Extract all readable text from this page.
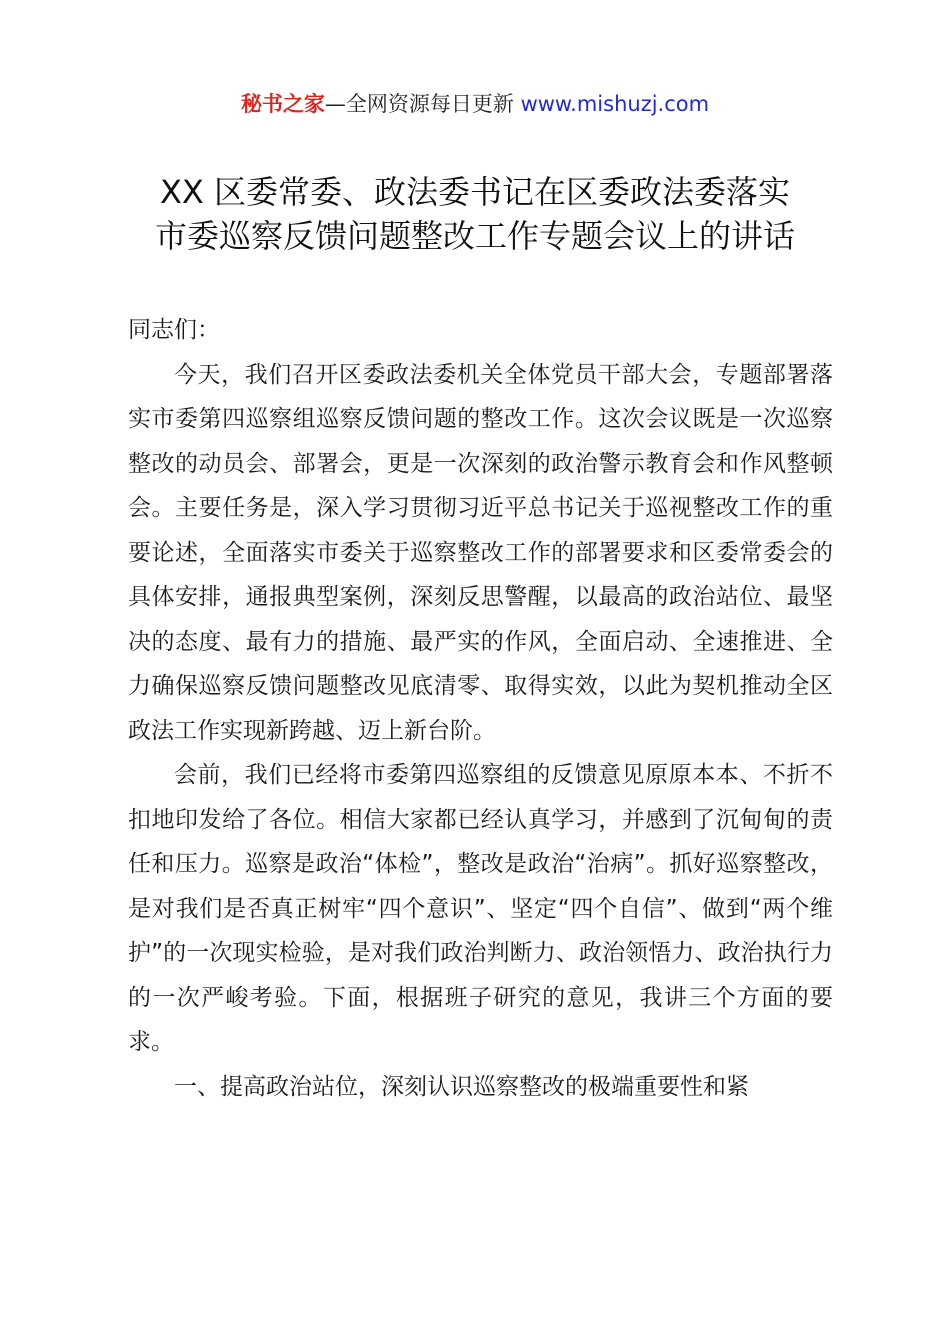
秘书之家—全网资源每日更新 www.mishuzj.com
XX 区委常委、政法委书记在区委政法委落实
市委巡察反馈问题整改工作专题会议上的讲话

同志们：

今天，我们召开区委政法委机关全体党员干部大会，专题部署落实市委第四巡察组巡察反馈问题的整改工作。这次会议既是一次巡察整改的动员会、部署会，更是一次深刻的政治警示教育会和作风整顿会。主要任务是，深入学习贯彻习近平总书记关于巡视整改工作的重要论述，全面落实市委关于巡察整改工作的部署要求和区委常委会的具体安排，通报典型案例，深刻反思警醒，以最高的政治站位、最坚决的态度、最有力的措施、最严实的作风，全面启动、全速推进、全力确保巡察反馈问题整改见底清零、取得实效，以此为契机推动全区政法工作实现新跨越、迈上新台阶。

会前，我们已经将市委第四巡察组的反馈意见原原本本、不折不扣地印发给了各位。相信大家都已经认真学习，并感到了沉甸甸的责任和压力。巡察是政治“体检”，整改是政治“治病”。抓好巡察整改，是对我们是否真正树牢“四个意识”、坚定“四个自信”、做到“两个维护”的一次现实检验，是对我们政治判断力、政治领悟力、政治执行力的一次严峻考验。下面，根据班子研究的意见，我讲三个方面的要求。

一、提高政治站位，深刻认识巡察整改的极端重要性和紧
